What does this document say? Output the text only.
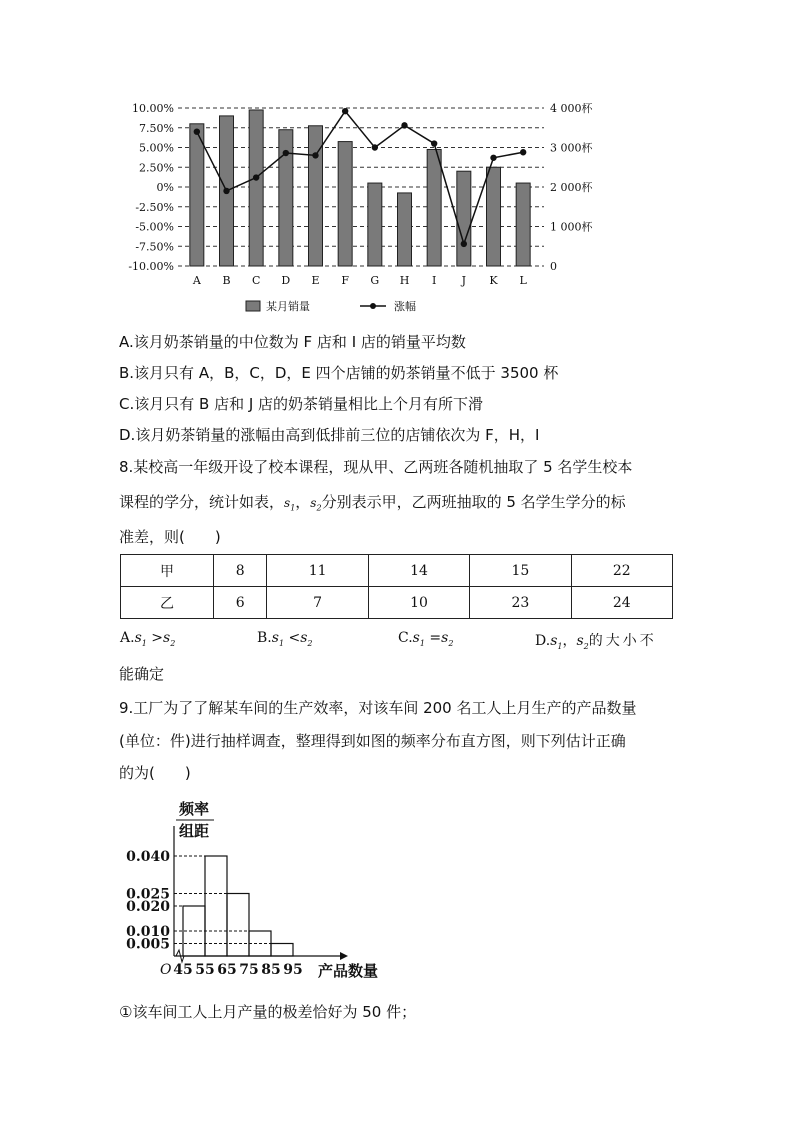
10.00%
7.50%
5.00%
2.50%
0%
-2.50%
-5.00%
-7.50%
-10.00%
4 000杯
3 000杯
2 000杯
1 000杯
0
A B C D E F G H I J K L
某月销量	涨幅
A.该月奶茶销量的中位数为 F 店和 I 店的销量平均数
B.该月只有 A，B，C，D，E 四个店铺的奶茶销量不低于 3500 杯
C.该月只有 B 店和 J 店的奶茶销量相比上个月有所下滑
D.该月奶茶销量的涨幅由高到低排前三位的店铺依次为 F，H，I
8.某校高一年级开设了校本课程，现从甲、乙两班各随机抽取了 5 名学生校本
课程的学分，统计如表，$s_1$，$s_2$分别表示甲，乙两班抽取的 5 名学生学分的标
准差，则(　　)
甲	8	11	14	15	22
乙	6	7	10	23	24
$A.s_1 >s_2$	$B.s_1 <s_2$	$C.s_1 =s_2$	$D.s_1$，$s_2$的大小不
能确定
9.工厂为了了解某车间的生产效率，对该车间 200 名工人上月生产的产品数量
(单位：件)进行抽样调查，整理得到如图的频率分布直方图，则下列估计正确
的为(　　)
频率
组距
0.040
0.025
0.020
0.010
0.005
45 55 65 75 85 95
O	产品数量
①该车间工人上月产量的极差恰好为 50 件；
